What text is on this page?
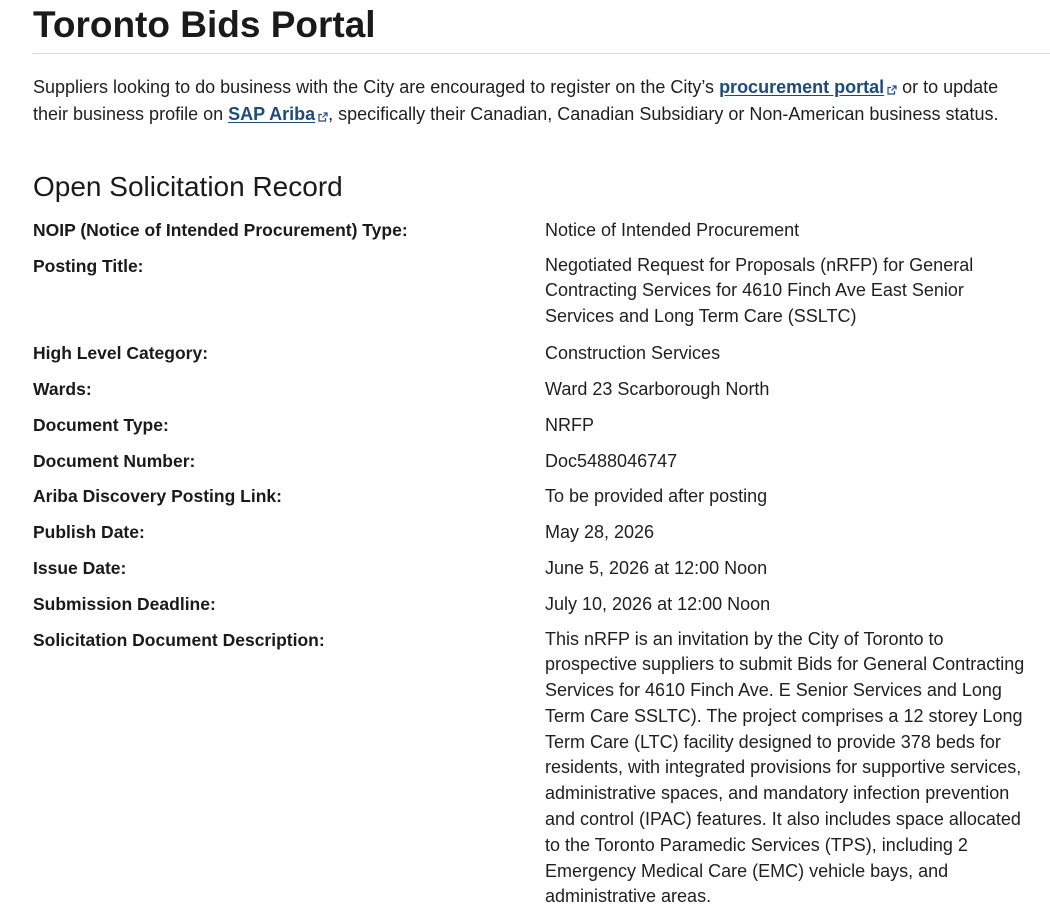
Toronto Bids Portal

Suppliers looking to do business with the City are encouraged to register on the City’s procurement portal or to update their business profile on SAP Ariba , specifically their Canadian, Canadian Subsidiary or Non-American business status.

Open Solicitation Record
NOIP (Notice of Intended Procurement) Type:	Notice of Intended Procurement
Posting Title:	Negotiated Request for Proposals (nRFP) for General Contracting Services for 4610 Finch Ave East Senior Services and Long Term Care (SSLTC)
High Level Category:	Construction Services
Wards:	Ward 23 Scarborough North
Document Type:	NRFP
Document Number:	Doc5488046747
Ariba Discovery Posting Link:	To be provided after posting
Publish Date:	May 28, 2026
Issue Date:	June 5, 2026 at 12:00 Noon
Submission Deadline:	July 10, 2026 at 12:00 Noon
Solicitation Document Description:	This nRFP is an invitation by the City of Toronto to prospective suppliers to submit Bids for General Contracting Services for 4610 Finch Ave. E Senior Services and Long Term Care SSLTC). The project comprises a 12 storey Long Term Care (LTC) facility designed to provide 378 beds for residents, with integrated provisions for supportive services, administrative spaces, and mandatory infection prevention and control (IPAC) features. It also includes space allocated to the Toronto Paramedic Services (TPS), including 2 Emergency Medical Care (EMC) vehicle bays, and administrative areas.
